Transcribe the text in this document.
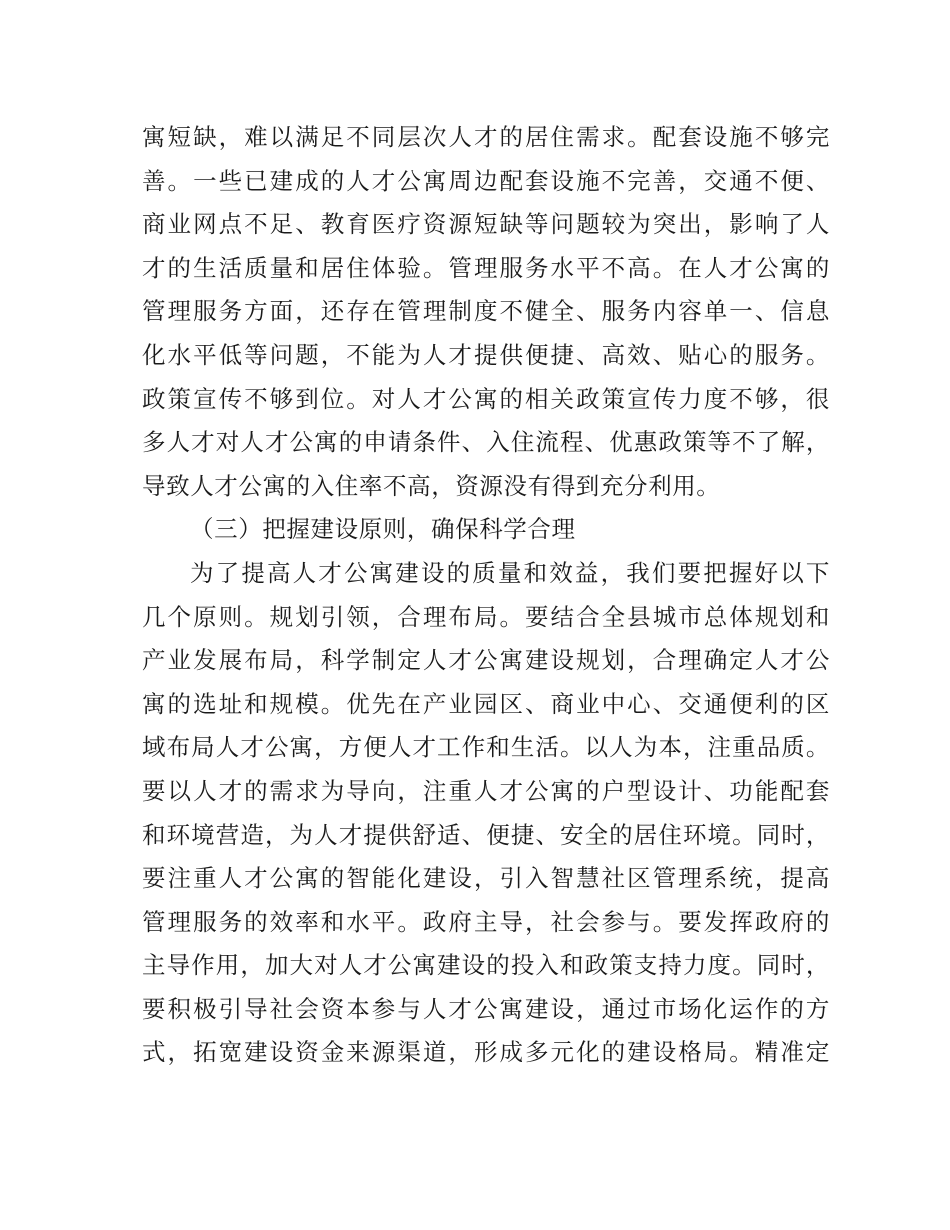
寓短缺，难以满足不同层次人才的居住需求。配套设施不够完
善。一些已建成的人才公寓周边配套设施不完善，交通不便、
商业网点不足、教育医疗资源短缺等问题较为突出，影响了人
才的生活质量和居住体验。管理服务水平不高。在人才公寓的
管理服务方面，还存在管理制度不健全、服务内容单一、信息
化水平低等问题，不能为人才提供便捷、高效、贴心的服务。
政策宣传不够到位。对人才公寓的相关政策宣传力度不够，很
多人才对人才公寓的申请条件、入住流程、优惠政策等不了解，
导致人才公寓的入住率不高，资源没有得到充分利用。
（三）把握建设原则，确保科学合理
为了提高人才公寓建设的质量和效益，我们要把握好以下
几个原则。规划引领，合理布局。要结合全县城市总体规划和
产业发展布局，科学制定人才公寓建设规划，合理确定人才公
寓的选址和规模。优先在产业园区、商业中心、交通便利的区
域布局人才公寓，方便人才工作和生活。以人为本，注重品质。
要以人才的需求为导向，注重人才公寓的户型设计、功能配套
和环境营造，为人才提供舒适、便捷、安全的居住环境。同时，
要注重人才公寓的智能化建设，引入智慧社区管理系统，提高
管理服务的效率和水平。政府主导，社会参与。要发挥政府的
主导作用，加大对人才公寓建设的投入和政策支持力度。同时，
要积极引导社会资本参与人才公寓建设，通过市场化运作的方
式，拓宽建设资金来源渠道，形成多元化的建设格局。精准定
